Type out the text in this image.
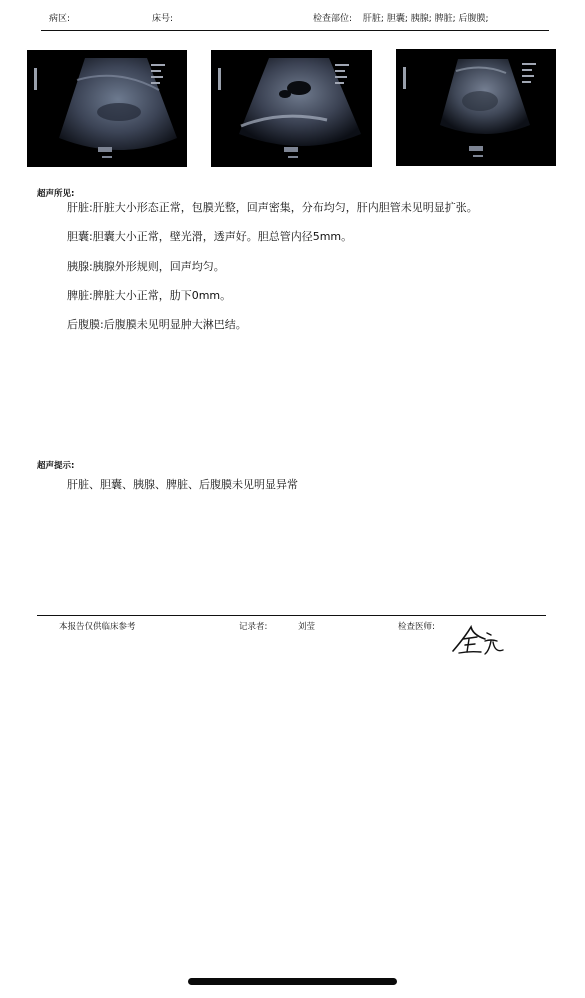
病区:	床号:	检查部位: 肝脏; 胆囊; 胰腺; 脾脏; 后腹膜;
超声所见:
肝脏:肝脏大小形态正常，包膜光整，回声密集，分布均匀，肝内胆管未见明显扩张。
胆囊:胆囊大小正常，壁光滑，透声好。胆总管内径5mm。
胰腺:胰腺外形规则，回声均匀。
脾脏:脾脏大小正常，肋下0mm。
后腹膜:后腹膜未见明显肿大淋巴结。
超声提示:
肝脏、胆囊、胰腺、脾脏、后腹膜未见明显异常
本报告仅供临床参考	记录者:	刘莹	检查医师:
